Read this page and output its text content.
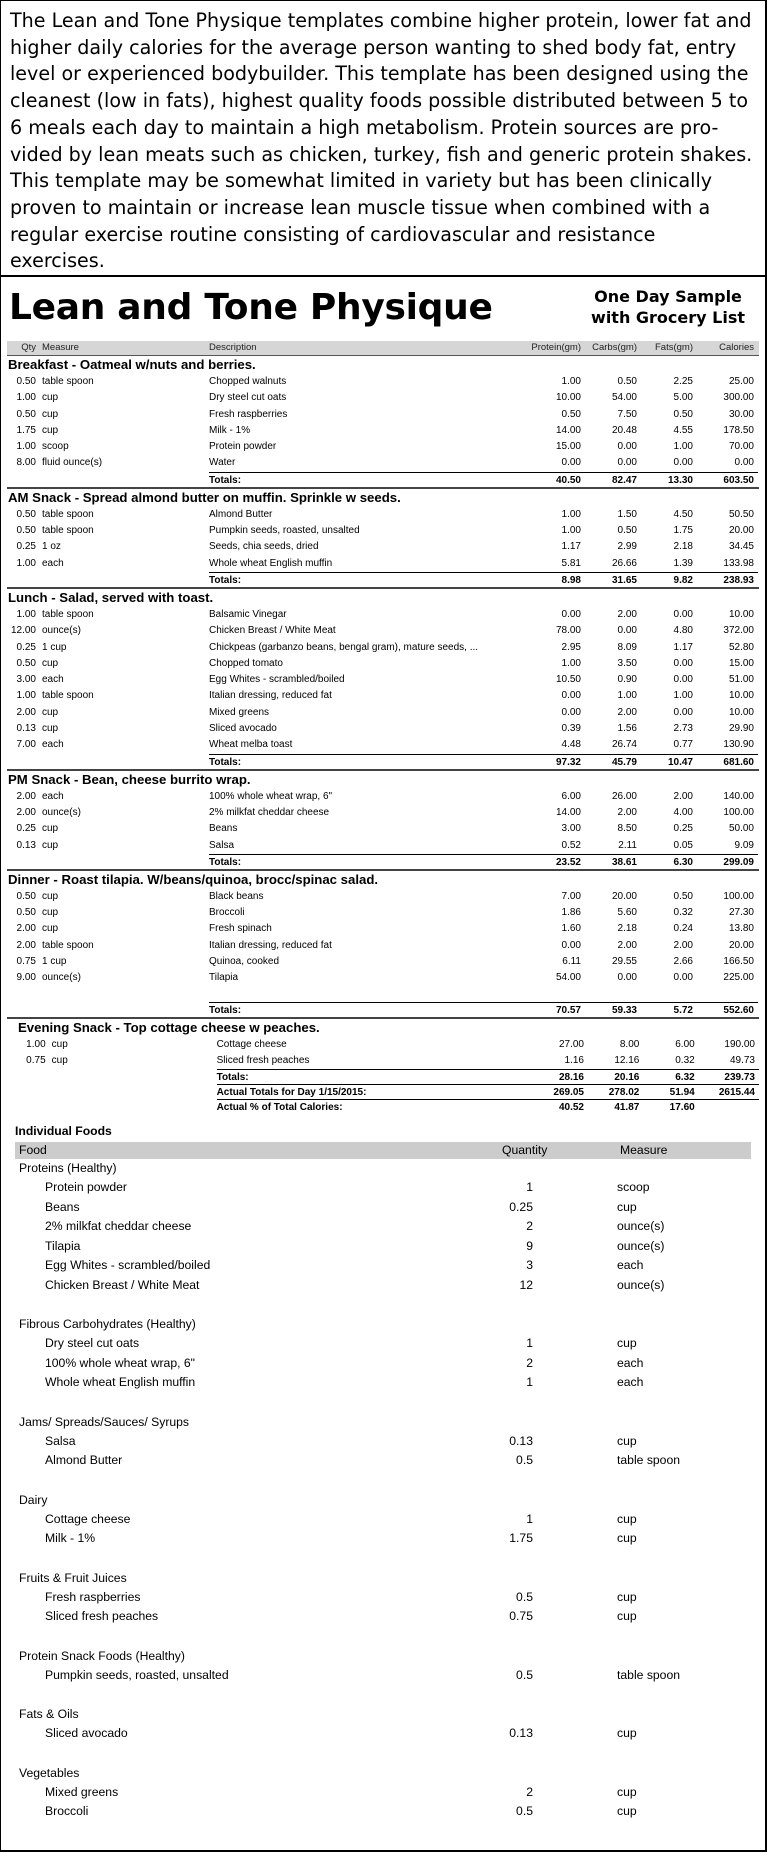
The Lean and Tone Physique templates combine higher protein, lower fat and higher daily calories for the average person wanting to shed body fat, entry level or experienced bodybuilder. This template has been designed using the cleanest (low in fats), highest quality foods possible distributed between 5 to 6 meals each day to maintain a high metabolism. Protein sources are pro-vided by lean meats such as chicken, turkey, fish and generic protein shakes. This template may be somewhat limited in variety but has been clinically proven to maintain or increase lean muscle tissue when combined with a regular exercise routine consisting of cardiovascular and resistance exercises.
Lean and Tone Physique	One Day Sample
with Grocery List
Qty Measure	Description	Protein(gm)	Carbs(gm)	Fats(gm)	Calories
Breakfast - Oatmeal w/nuts and berries.
0.50 table spoon	Chopped walnuts	1.00	0.50	2.25	25.00
1.00 cup	Dry steel cut oats	10.00	54.00	5.00	300.00
0.50 cup	Fresh raspberries	0.50	7.50	0.50	30.00
1.75 cup	Milk - 1%	14.00	20.48	4.55	178.50
1.00 scoop	Protein powder	15.00	0.00	1.00	70.00
8.00 fluid ounce(s)	Water	0.00	0.00	0.00	0.00
Totals:	40.50	82.47	13.30	603.50
AM Snack - Spread almond butter on muffin. Sprinkle w seeds.
0.50 table spoon	Almond Butter	1.00	1.50	4.50	50.50
0.50 table spoon	Pumpkin seeds, roasted, unsalted	1.00	0.50	1.75	20.00
0.25 1 oz	Seeds, chia seeds, dried	1.17	2.99	2.18	34.45
1.00 each	Whole wheat English muffin	5.81	26.66	1.39	133.98
Totals:	8.98	31.65	9.82	238.93
Lunch - Salad, served with toast.
1.00 table spoon	Balsamic Vinegar	0.00	2.00	0.00	10.00
12.00 ounce(s)	Chicken Breast / White Meat	78.00	0.00	4.80	372.00
0.25 1 cup	Chickpeas (garbanzo beans, bengal gram), mature seeds, ...	2.95	8.09	1.17	52.80
0.50 cup	Chopped tomato	1.00	3.50	0.00	15.00
3.00 each	Egg Whites - scrambled/boiled	10.50	0.90	0.00	51.00
1.00 table spoon	Italian dressing, reduced fat	0.00	1.00	1.00	10.00
2.00 cup	Mixed greens	0.00	2.00	0.00	10.00
0.13 cup	Sliced avocado	0.39	1.56	2.73	29.90
7.00 each	Wheat melba toast	4.48	26.74	0.77	130.90
Totals:	97.32	45.79	10.47	681.60
PM Snack - Bean, cheese burrito wrap.
2.00 each	100% whole wheat wrap, 6"	6.00	26.00	2.00	140.00
2.00 ounce(s)	2% milkfat cheddar cheese	14.00	2.00	4.00	100.00
0.25 cup	Beans	3.00	8.50	0.25	50.00
0.13 cup	Salsa	0.52	2.11	0.05	9.09
Totals:	23.52	38.61	6.30	299.09
Dinner - Roast tilapia. W/beans/quinoa, brocc/spinac salad.
0.50 cup	Black beans	7.00	20.00	0.50	100.00
0.50 cup	Broccoli	1.86	5.60	0.32	27.30
2.00 cup	Fresh spinach	1.60	2.18	0.24	13.80
2.00 table spoon	Italian dressing, reduced fat	0.00	2.00	2.00	20.00
0.75 1 cup	Quinoa, cooked	6.11	29.55	2.66	166.50
9.00 ounce(s)	Tilapia	54.00	0.00	0.00	225.00
Totals:	70.57	59.33	5.72	552.60
Evening Snack - Top cottage cheese w peaches.
1.00 cup	Cottage cheese	27.00	8.00	6.00	190.00
0.75 cup	Sliced fresh peaches	1.16	12.16	0.32	49.73
Totals:	28.16	20.16	6.32	239.73
Actual Totals for Day 1/15/2015:	269.05	278.02	51.94	2615.44
Actual % of Total Calories:	40.52	41.87	17.60
Individual Foods
Food	Quantity	Measure
Proteins (Healthy)
Protein powder	1	scoop
Beans	0.25	cup
2% milkfat cheddar cheese	2	ounce(s)
Tilapia	9	ounce(s)
Egg Whites - scrambled/boiled	3	each
Chicken Breast / White Meat	12	ounce(s)
Fibrous Carbohydrates (Healthy)
Dry steel cut oats	1	cup
100% whole wheat wrap, 6"	2	each
Whole wheat English muffin	1	each
Jams/ Spreads/Sauces/ Syrups
Salsa	0.13	cup
Almond Butter	0.5	table spoon
Dairy
Cottage cheese	1	cup
Milk - 1%	1.75	cup
Fruits & Fruit Juices
Fresh raspberries	0.5	cup
Sliced fresh peaches	0.75	cup
Protein Snack Foods (Healthy)
Pumpkin seeds, roasted, unsalted	0.5	table spoon
Fats & Oils
Sliced avocado	0.13	cup
Vegetables
Mixed greens	2	cup
Broccoli	0.5	cup
